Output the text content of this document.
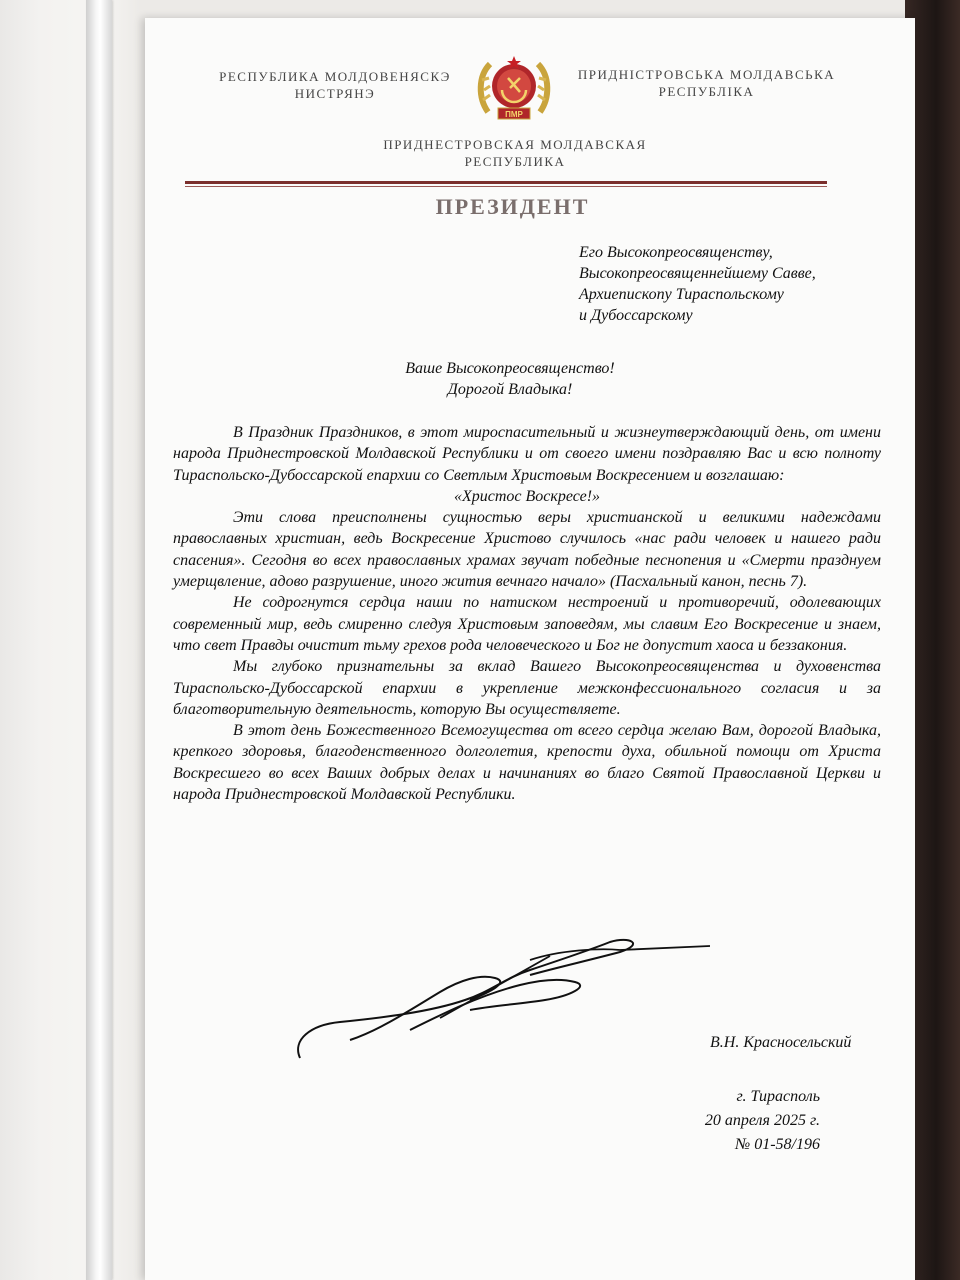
РЕСПУБЛИКА МОЛДОВЕНЯСКЭ
НИСТРЯНЭ
ПРИДНІСТРОВСЬКА МОЛДАВСЬКА
РЕСПУБЛІКА
ПМР
ПРИДНЕСТРОВСКАЯ МОЛДАВСКАЯ
РЕСПУБЛИКА
ПРЕЗИДЕНТ
Его Высокопреосвященству,
Высокопреосвященнейшему Савве,
Архиепископу Тираспольскому
и Дубоссарскому
Ваше Высокопреосвященство!
Дорогой Владыка!

В Праздник Праздников, в этот мироспасительный и жизнеутверждающий день, от имени народа Приднестровской Молдавской Республики и от своего имени поздравляю Вас и всю полноту Тираспольско-Дубоссарской епархии со Светлым Христовым Воскресением и возглашаю:

«Христос Воскресе!»

Эти слова преисполнены сущностью веры христианской и великими надеждами православных христиан, ведь Воскресение Христово случилось «нас ради человек и нашего ради спасения». Сегодня во всех православных храмах звучат победные песнопения и «Смерти празднуем умерщвление, адово разрушение, иного жития вечнаго начало» (Пасхальный канон, песнь 7).

Не содрогнутся сердца наши по натиском нестроений и противоречий, одолевающих современный мир, ведь смиренно следуя Христовым заповедям, мы славим Его Воскресение и знаем, что свет Правды очистит тьму грехов рода человеческого и Бог не допустит хаоса и беззакония.

Мы глубоко признательны за вклад Вашего Высокопреосвященства и духовенства Тираспольско-Дубоссарской епархии в укрепление межконфессионального согласия и за благотворительную деятельность, которую Вы осуществляете.

В этот день Божественного Всемогущества от всего сердца желаю Вам, дорогой Владыка, крепкого здоровья, благоденственного долголетия, крепости духа, обильной помощи от Христа Воскресшего во всех Ваших добрых делах и начинаниях во благо Святой Православной Церкви и народа Приднестровской Молдавской Республики.

В.Н. Красносельский
г. Тирасполь
20 апреля 2025 г.
№ 01-58/196
